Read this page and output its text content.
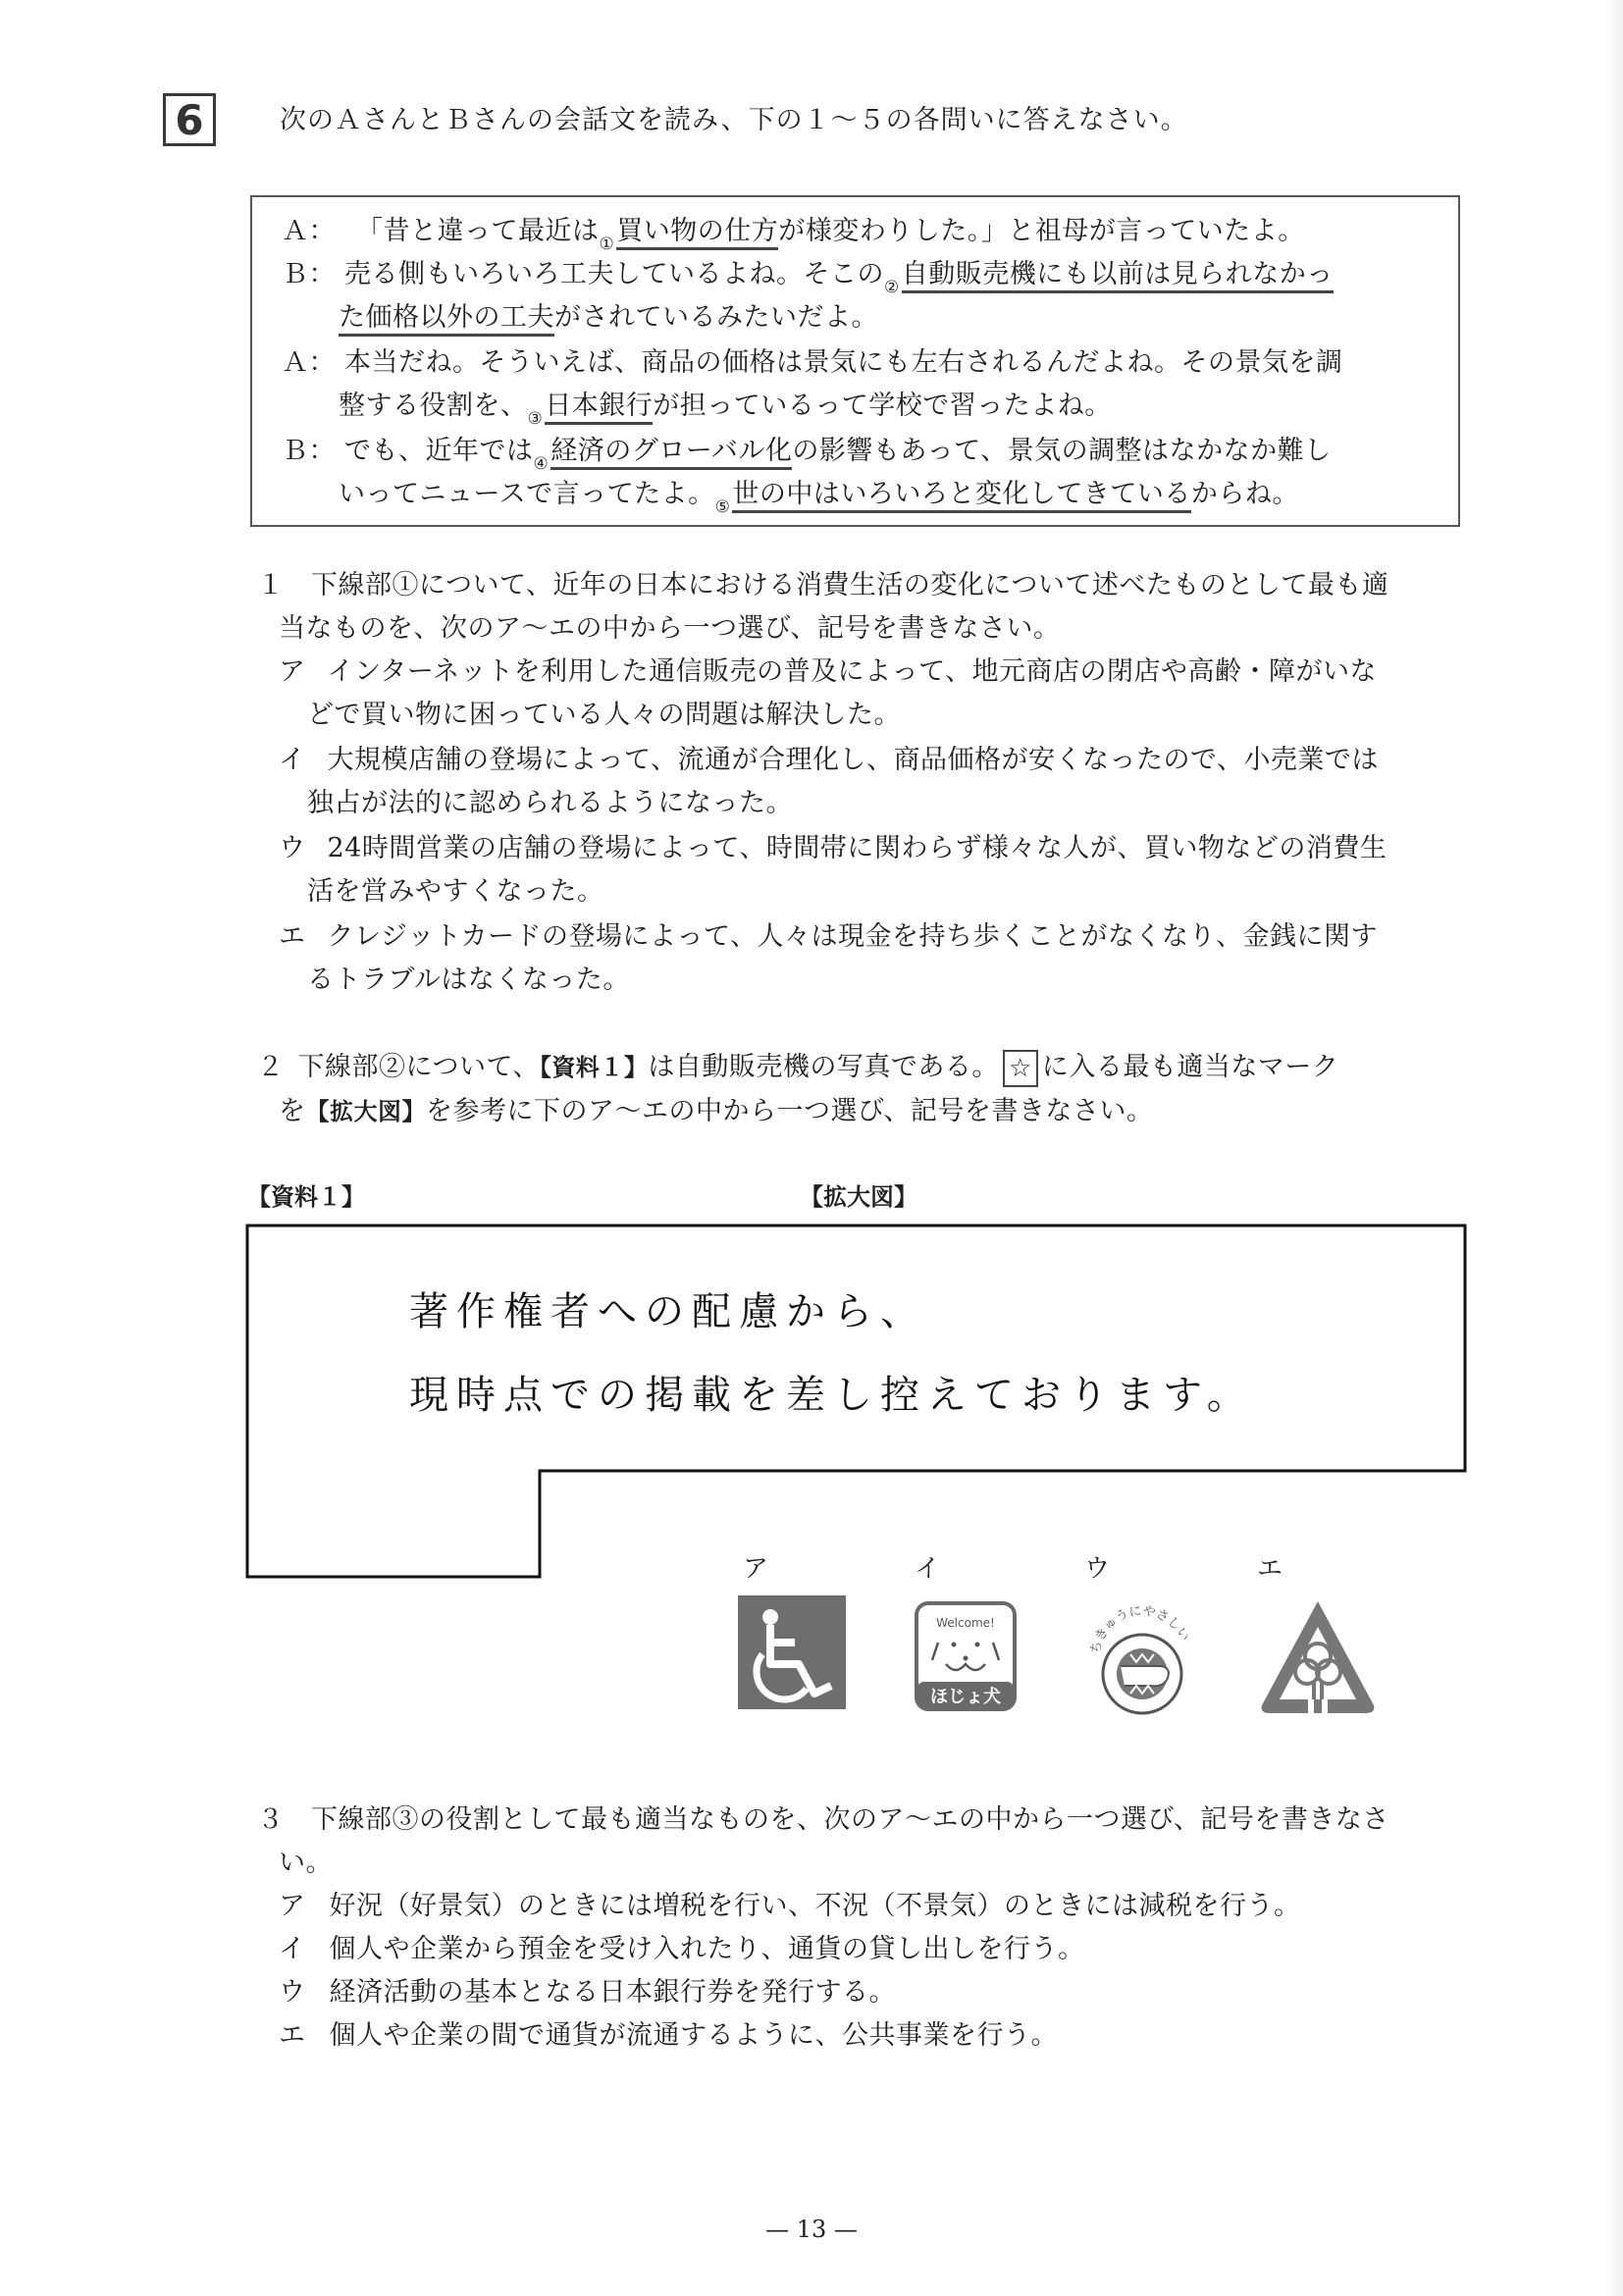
6	次のＡさんとＢさんの会話文を読み、下の１～５の各問いに答えなさい。
Ａ： 「昔と違って最近は$_①$買い物の仕方が様変わりした。」と祖母が言っていたよ。
Ｂ： 売る側もいろいろ工夫しているよね。そこの$_②$自動販売機にも以前は見られなかっ
た価格以外の工夫がされているみたいだよ。
Ａ： 本当だね。そういえば、商品の価格は景気にも左右されるんだよね。その景気を調
整する役割を、$_③$日本銀行が担っているって学校で習ったよね。
Ｂ： でも、近年では$_④$経済のグローバル化の影響もあって、景気の調整はなかなか難し
いってニュースで言ってたよ。$_⑤$世の中はいろいろと変化してきているからね。
１　下線部①について、近年の日本における消費生活の変化について述べたものとして最も適
当なものを、次のア～エの中から一つ選び、記号を書きなさい。
ア インターネットを利用した通信販売の普及によって、地元商店の閉店や高齢・障がいな
どで買い物に困っている人々の問題は解決した。
イ 大規模店舗の登場によって、流通が合理化し、商品価格が安くなったので、小売業では
独占が法的に認められるようになった。
ウ 24時間営業の店舗の登場によって、時間帯に関わらず様々な人が、買い物などの消費生
活を営みやすくなった。
エ クレジットカードの登場によって、人々は現金を持ち歩くことがなくなり、金銭に関す
るトラブルはなくなった。
２ 下線部②について、【資料１】は自動販売機の写真である。 ☆ に入る最も適当なマーク
を【拡大図】を参考に下のア～エの中から一つ選び、記号を書きなさい。
【資料１】	【拡大図】
著作権者への配慮から、
現時点での掲載を差し控えております。
ア	イ	ウ	エ
Welcome!
ほじょ犬
ちきゅうにやさしい
３　下線部③の役割として最も適当なものを、次のア～エの中から一つ選び、記号を書きなさ
い。
ア 好況（好景気）のときには増税を行い、不況（不景気）のときには減税を行う。
イ 個人や企業から預金を受け入れたり、通貨の貸し出しを行う。
ウ 経済活動の基本となる日本銀行券を発行する。
エ 個人や企業の間で通貨が流通するように、公共事業を行う。
— 13 —
